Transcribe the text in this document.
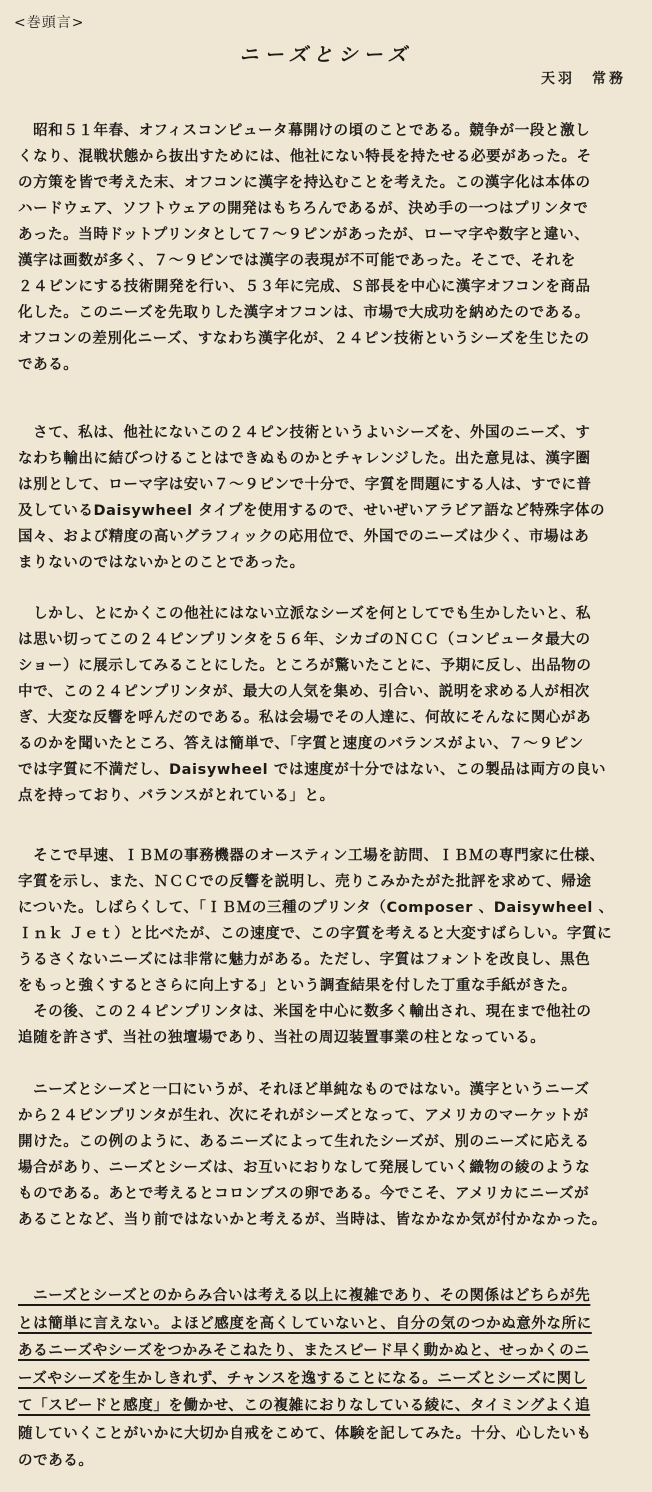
<巻頭言>
ニーズとシーズ
天羽　常務
　昭和５１年春、オフィスコンピュータ幕開けの頃のことである。競争が一段と激し
くなり、混戦状態から抜出すためには、他社にない特長を持たせる必要があった。そ
の方策を皆で考えた末、オフコンに漢字を持込むことを考えた。この漢字化は本体の
ハードウェア、ソフトウェアの開発はもちろんであるが、決め手の一つはプリンタで
あった。当時ドットプリンタとして７～９ピンがあったが、ローマ字や数字と違い、
漢字は画数が多く、７～９ピンでは漢字の表現が不可能であった。そこで、それを
２４ピンにする技術開発を行い、５３年に完成、Ｓ部長を中心に漢字オフコンを商品
化した。このニーズを先取りした漢字オフコンは、市場で大成功を納めたのである。
オフコンの差別化ニーズ、すなわち漢字化が、２４ピン技術というシーズを生じたの
である。
　さて、私は、他社にないこの２４ピン技術というよいシーズを、外国のニーズ、す
なわち輸出に結びつけることはできぬものかとチャレンジした。出た意見は、漢字圏
は別として、ローマ字は安い７～９ピンで十分で、字質を問題にする人は、すでに普
及しているDaisywheel タイプを使用するので、せいぜいアラビア語など特殊字体の
国々、および精度の高いグラフィックの応用位で、外国でのニーズは少く、市場はあ
まりないのではないかとのことであった。
　しかし、とにかくこの他社にはない立派なシーズを何としてでも生かしたいと、私
は思い切ってこの２４ピンプリンタを５６年、シカゴのＮＣＣ（コンピュータ最大の
ショー）に展示してみることにした。ところが驚いたことに、予期に反し、出品物の
中で、この２４ピンプリンタが、最大の人気を集め、引合い、説明を求める人が相次
ぎ、大変な反響を呼んだのである。私は会場でその人達に、何故にそんなに関心があ
るのかを聞いたところ、答えは簡単で、「字質と速度のバランスがよい、７～９ピン
では字質に不満だし、Daisywheel では速度が十分ではない、この製品は両方の良い
点を持っており、バランスがとれている」と。
　そこで早速、ＩＢＭの事務機器のオースティン工場を訪問、ＩＢＭの専門家に仕様、
字質を示し、また、ＮＣＣでの反響を説明し、売りこみかたがた批評を求めて、帰途
についた。しばらくして、「ＩＢＭの三種のプリンタ（Composer 、Daisywheel 、
Ｉｎｋ Ｊｅｔ）と比べたが、この速度で、この字質を考えると大変すばらしい。字質に
うるさくないニーズには非常に魅力がある。ただし、字質はフォントを改良し、黒色
をもっと強くするとさらに向上する」という調査結果を付した丁重な手紙がきた。
　その後、この２４ピンプリンタは、米国を中心に数多く輸出され、現在まで他社の
追随を許さず、当社の独壇場であり、当社の周辺装置事業の柱となっている。
　ニーズとシーズと一口にいうが、それほど単純なものではない。漢字というニーズ
から２４ピンプリンタが生れ、次にそれがシーズとなって、アメリカのマーケットが
開けた。この例のように、あるニーズによって生れたシーズが、別のニーズに応える
場合があり、ニーズとシーズは、お互いにおりなして発展していく織物の綾のような
ものである。あとで考えるとコロンブスの卵である。今でこそ、アメリカにニーズが
あることなど、当り前ではないかと考えるが、当時は、皆なかなか気が付かなかった。
　ニーズとシーズとのからみ合いは考える以上に複雑であり、その関係はどちらが先
とは簡単に言えない。よほど感度を高くしていないと、自分の気のつかぬ意外な所に
あるニーズやシーズをつかみそこねたり、またスピード早く動かぬと、せっかくのニ
ーズやシーズを生かしきれず、チャンスを逸することになる。ニーズとシーズに関し
て「スピードと感度」を働かせ、この複雑におりなしている綾に、タイミングよく追
随していくことがいかに大切か自戒をこめて、体験を記してみた。十分、心したいも
のである。
